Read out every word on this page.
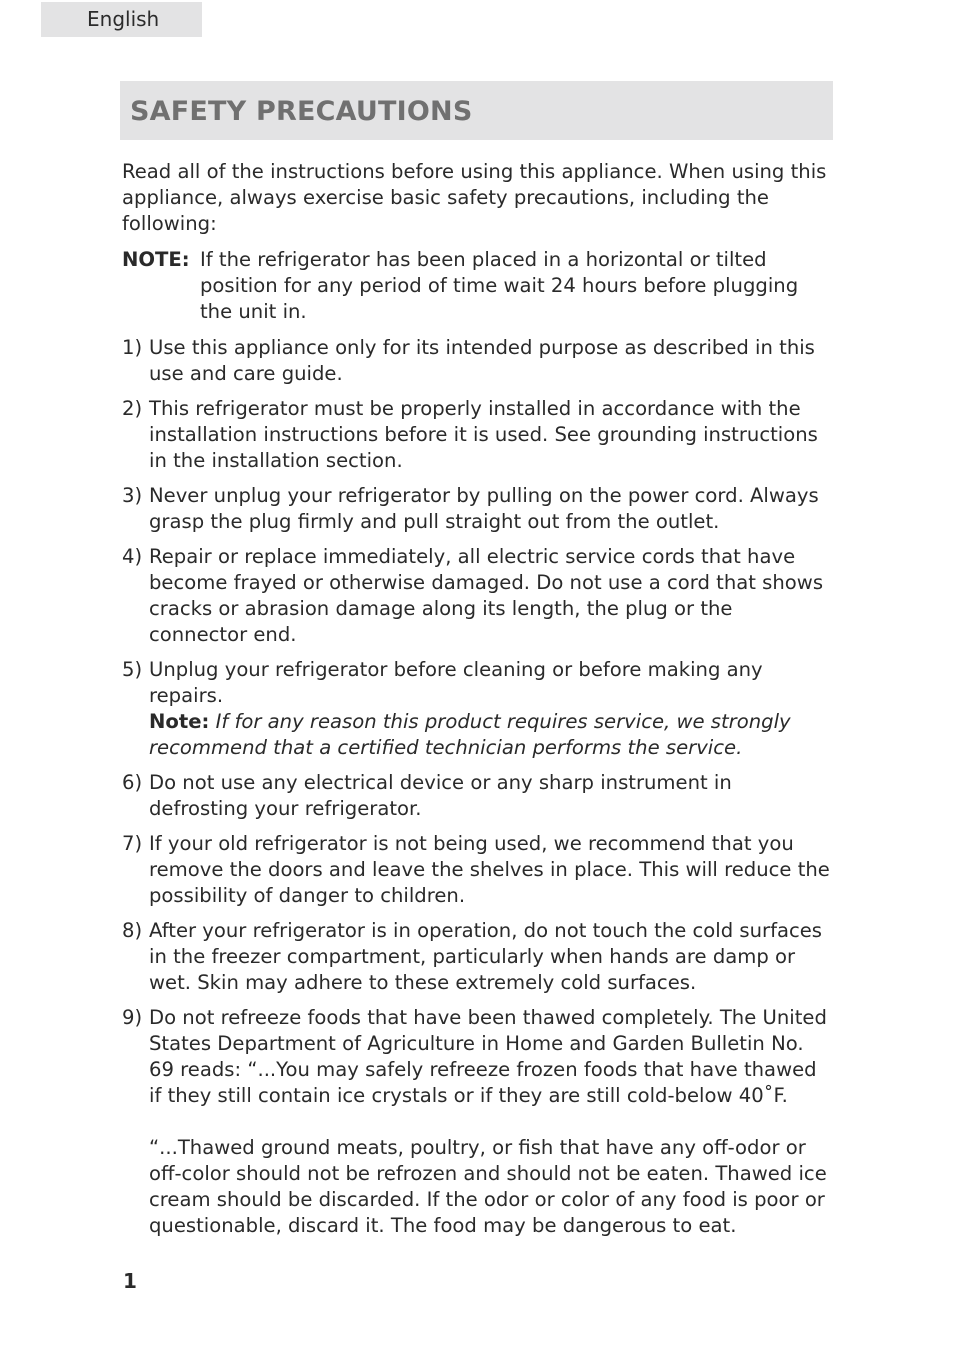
English
SAFETY PRECAUTIONS

Read all of the instructions before using this appliance. When using this appliance, always exercise basic safety precautions, including the following:

NOTE: If the refrigerator has been placed in a horizontal or tilted position for any period of time wait 24 hours before plugging the unit in.
1) Use this appliance only for its intended purpose as described in this use and care guide.
2) This refrigerator must be properly installed in accordance with the installation instructions before it is used. See grounding instructions in the installation section.
3) Never unplug your refrigerator by pulling on the power cord. Always grasp the plug firmly and pull straight out from the outlet.
4) Repair or replace immediately, all electric service cords that have become frayed or otherwise damaged. Do not use a cord that shows cracks or abrasion damage along its length, the plug or the connector end.
5) Unplug your refrigerator before cleaning or before making any repairs.
Note: If for any reason this product requires service, we strongly recommend that a certified technician performs the service.
6) Do not use any electrical device or any sharp instrument in defrosting your refrigerator.
7) If your old refrigerator is not being used, we recommend that you remove the doors and leave the shelves in place. This will reduce the possibility of danger to children.
8) After your refrigerator is in operation, do not touch the cold surfaces in the freezer compartment, particularly when hands are damp or wet. Skin may adhere to these extremely cold surfaces.
9) Do not refreeze foods that have been thawed completely. The United States Department of Agriculture in Home and Garden Bulletin No. 69 reads: “...You may safely refreeze frozen foods that have thawed if they still contain ice crystals or if they are still cold-below 40˚F.
“...Thawed ground meats, poultry, or fish that have any off-odor or off-color should not be refrozen and should not be eaten. Thawed ice cream should be discarded. If the odor or color of any food is poor or questionable, discard it. The food may be dangerous to eat.
1
